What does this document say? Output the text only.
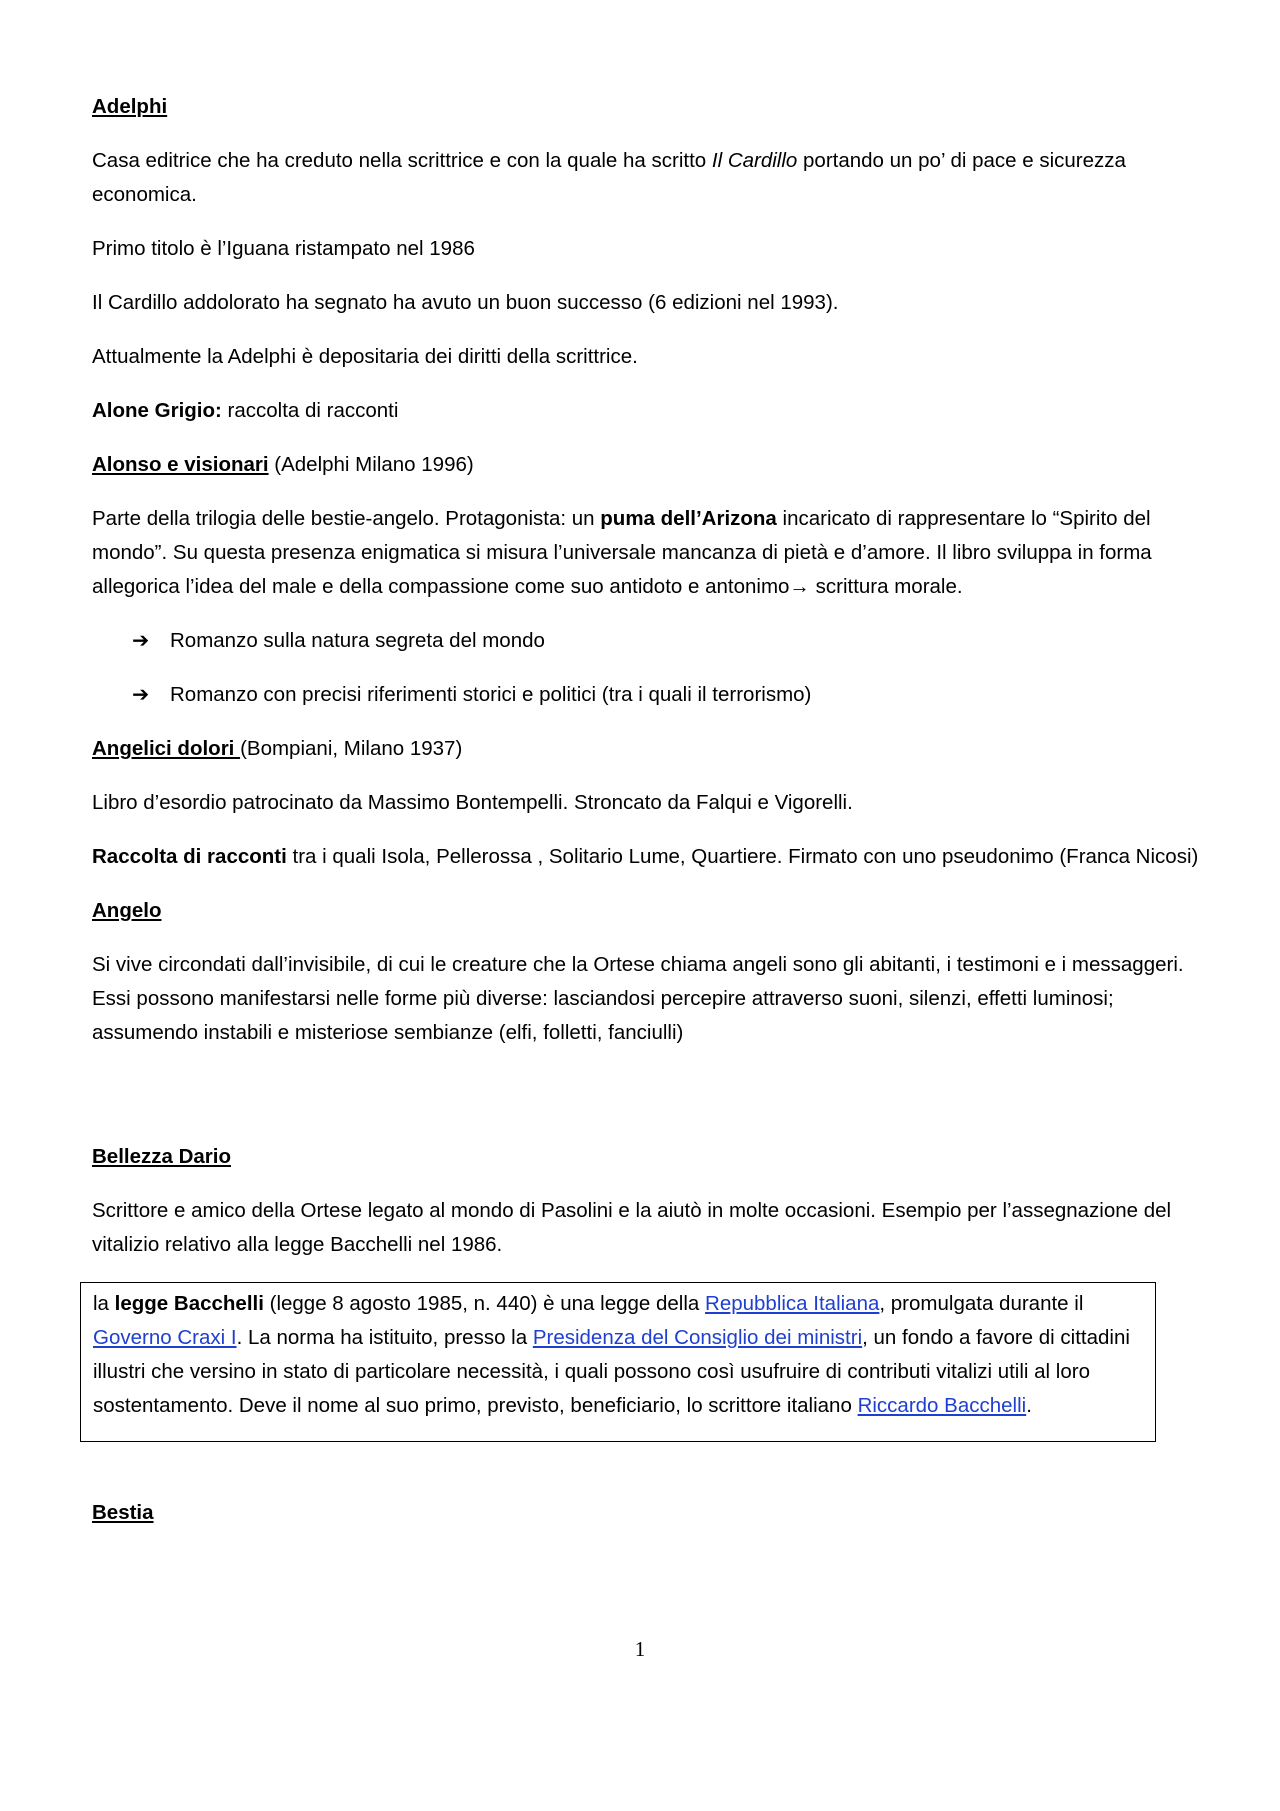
Adelphi

Casa editrice che ha creduto nella scrittrice e con la quale ha scritto Il Cardillo portando un po’ di pace e sicurezza economica.

Primo titolo è l’Iguana ristampato nel 1986

Il Cardillo addolorato ha segnato ha avuto un buon successo (6 edizioni nel 1993).

Attualmente la Adelphi è depositaria dei diritti della scrittrice.

Alone Grigio: raccolta di racconti

Alonso e visionari (Adelphi Milano 1996)

Parte della trilogia delle bestie-angelo. Protagonista: un puma dell’Arizona incaricato di rappresentare lo “Spirito del mondo”. Su questa presenza enigmatica si misura l’universale mancanza di pietà e d’amore. Il libro sviluppa in forma allegorica l’idea del male e della compassione come suo antidoto e antonimo→ scrittura morale.

➔	Romanzo sulla natura segreta del mondo

➔	Romanzo con precisi riferimenti storici e politici (tra i quali il terrorismo)

Angelici dolori (Bompiani, Milano 1937)

Libro d’esordio patrocinato da Massimo Bontempelli. Stroncato da Falqui e Vigorelli.

Raccolta di racconti tra i quali Isola, Pellerossa , Solitario Lume, Quartiere. Firmato con uno pseudonimo (Franca Nicosi)

Angelo

Si vive circondati dall’invisibile, di cui le creature che la Ortese chiama angeli sono gli abitanti, i testimoni e i messaggeri. Essi possono manifestarsi nelle forme più diverse: lasciandosi percepire attraverso suoni, silenzi, effetti luminosi; assumendo instabili e misteriose sembianze (elfi, folletti, fanciulli)

Bellezza Dario

Scrittore e amico della Ortese legato al mondo di Pasolini e la aiutò in molte occasioni. Esempio per l’assegnazione del vitalizio relativo alla legge Bacchelli nel 1986.

la legge Bacchelli (legge 8 agosto 1985, n. 440) è una legge della Repubblica Italiana, promulgata durante il Governo Craxi I. La norma ha istituito, presso la Presidenza del Consiglio dei ministri, un fondo a favore di cittadini illustri che versino in stato di particolare necessità, i quali possono così usufruire di contributi vitalizi utili al loro sostentamento. Deve il nome al suo primo, previsto, beneficiario, lo scrittore italiano Riccardo Bacchelli.

Bestia

1
